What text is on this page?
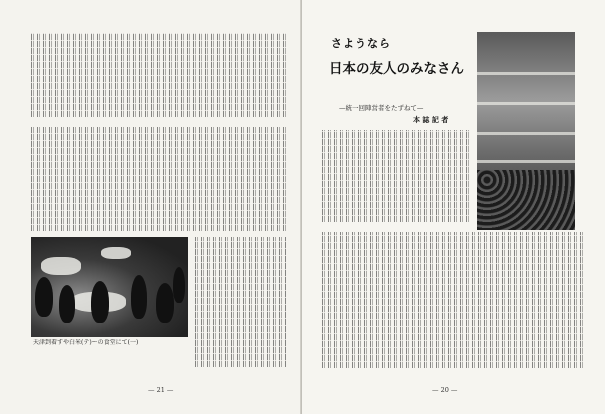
天津到着すや白米(テ)ーの食堂にて(一)
— 21 —
さようなら
日本の友人のみなさん
—統一回陣営者をたずねて—
本 誌 記 者
— 20 —
